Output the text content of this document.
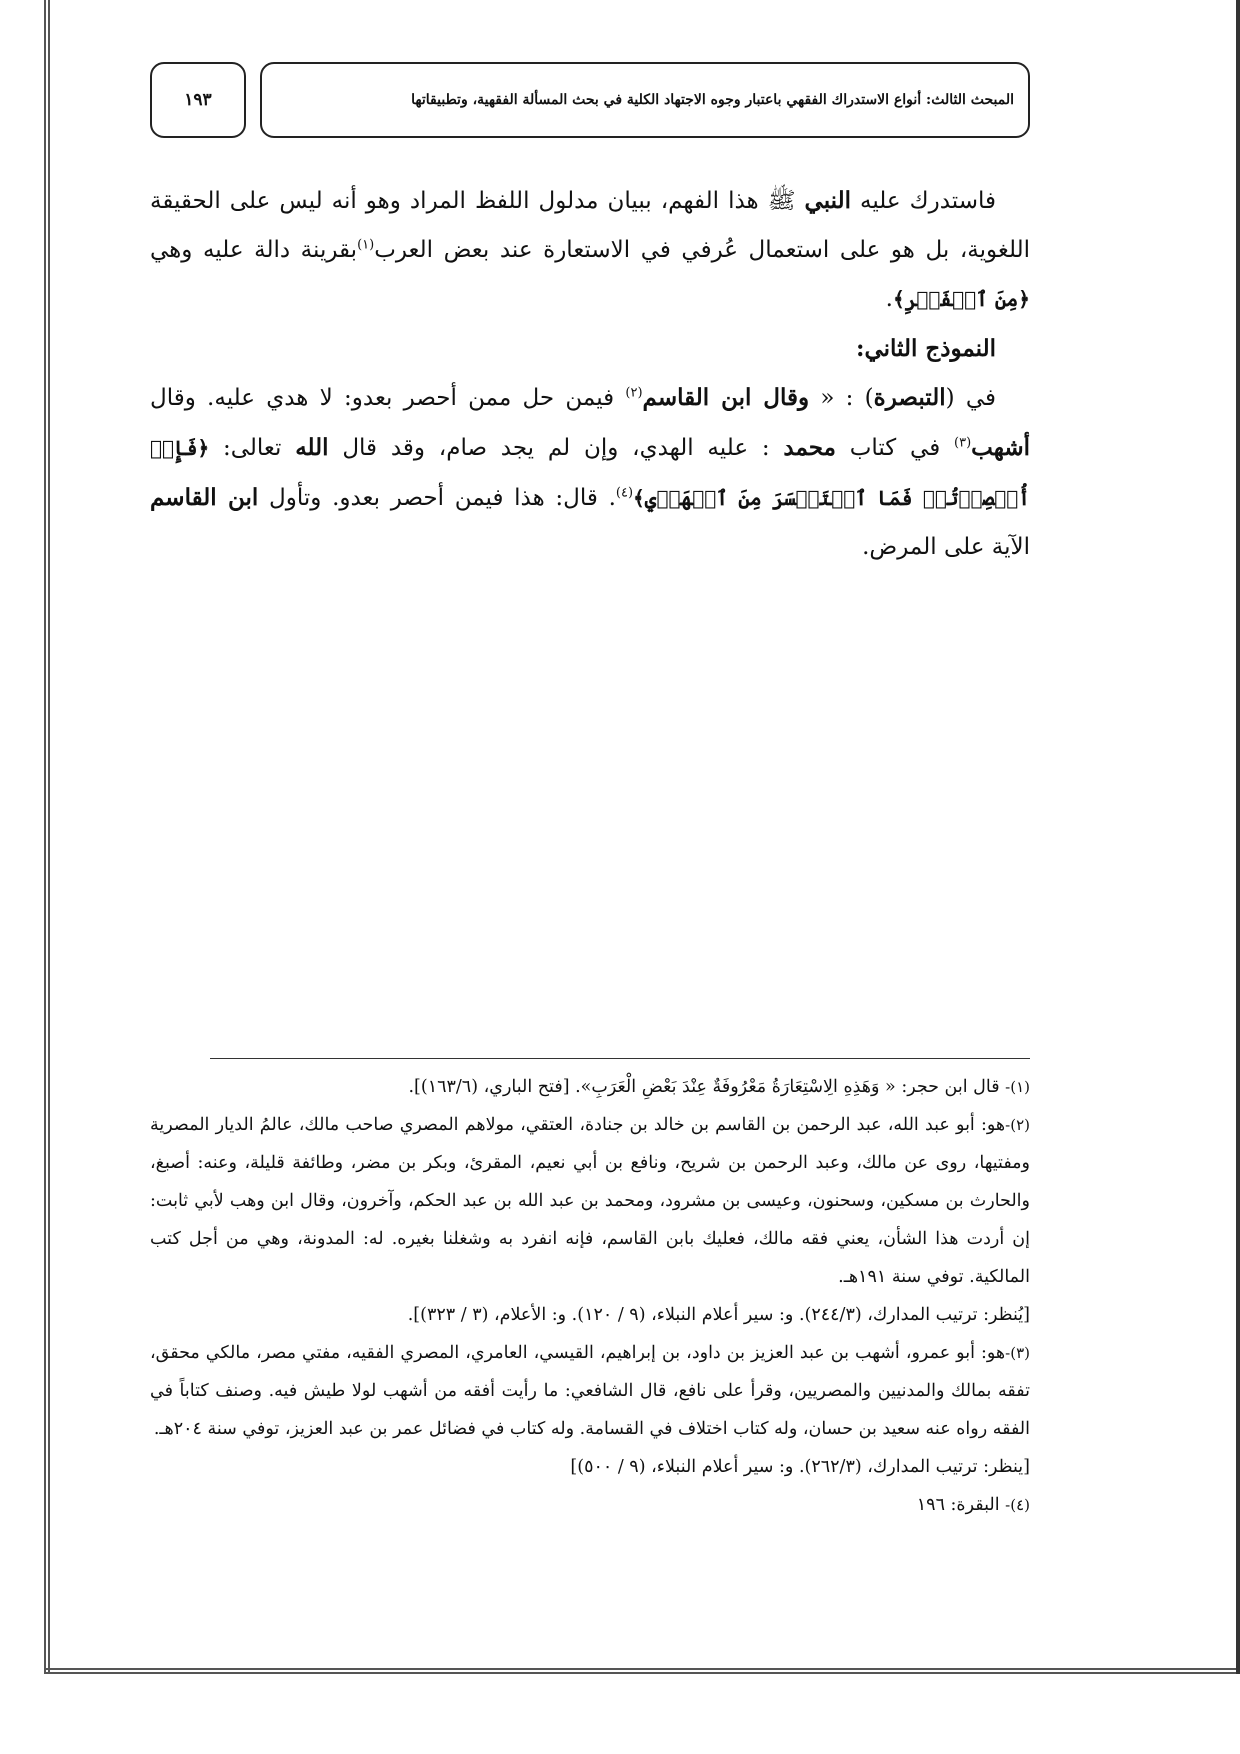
المبحث الثالث: أنواع الاستدراك الفقهي باعتبار وجوه الاجتهاد الكلية في بحث المسألة الفقهية، وتطبيقاتها
١٩٣

فاستدرك عليه النبي ﷺ هذا الفهم، ببيان مدلول اللفظ المراد وهو أنه ليس على الحقيقة اللغوية، بل هو على استعمال عُرفي في الاستعارة عند بعض العرب$^{(١)}$بقرينة دالة عليه وهي ﴿مِنَ ٱلۡفَجۡرِ﴾.

النموذج الثاني:

في (التبصرة) : « وقال ابن القاسم$^{(٢)}$ فيمن حل ممن أحصر بعدو: لا هدي عليه. وقال أشهب$^{(٣)}$ في كتاب محمد : عليه الهدي، وإن لم يجد صام، وقد قال الله تعالى: ﴿فَإِنۡ أُحۡصِرۡتُمۡ فَمَا ٱسۡتَيۡسَرَ مِنَ ٱلۡهَدۡيِ﴾$^{(٤)}$. قال: هذا فيمن أحصر بعدو. وتأول ابن القاسم الآية على المرض.

(١)- قال ابن حجر: « وَهَذِهِ الِاسْتِعَارَةُ مَعْرُوفَةٌ عِنْدَ بَعْضِ الْعَرَبِ». [فتح الباري، (١٦٣/٦)].

(٢)-هو: أبو عبد الله، عبد الرحمن بن القاسم بن خالد بن جنادة، العتقي، مولاهم المصري صاحب مالك، عالمُ الديار المصرية ومفتيها، روى عن مالك، وعبد الرحمن بن شريح، ونافع بن أبي نعيم، المقرئ، وبكر بن مضر، وطائفة قليلة، وعنه: أصبغ، والحارث بن مسكين، وسحنون، وعيسى بن مشرود، ومحمد بن عبد الله بن عبد الحكم، وآخرون، وقال ابن وهب لأبي ثابت: إن أردت هذا الشأن، يعني فقه مالك، فعليك بابن القاسم، فإنه انفرد به وشغلنا بغيره. له: المدونة، وهي من أجل كتب المالكية. توفي سنة ١٩١هـ.

[يُنظر: ترتيب المدارك، (٢٤٤/٣). و: سير أعلام النبلاء، (٩ / ١٢٠). و: الأعلام، (٣ / ٣٢٣)].

(٣)-هو: أبو عمرو، أشهب بن عبد العزيز بن داود، بن إبراهيم، القيسي، العامري، المصري الفقيه، مفتي مصر، مالكي محقق، تفقه بمالك والمدنيين والمصريين، وقرأ على نافع، قال الشافعي: ما رأيت أفقه من أشهب لولا طيش فيه. وصنف كتاباً في الفقه رواه عنه سعيد بن حسان، وله كتاب اختلاف في القسامة. وله كتاب في فضائل عمر بن عبد العزيز، توفي سنة ٢٠٤هـ.

[ينظر: ترتيب المدارك، (٢٦٢/٣). و: سير أعلام النبلاء، (٩ / ٥٠٠)]

(٤)- البقرة: ١٩٦
